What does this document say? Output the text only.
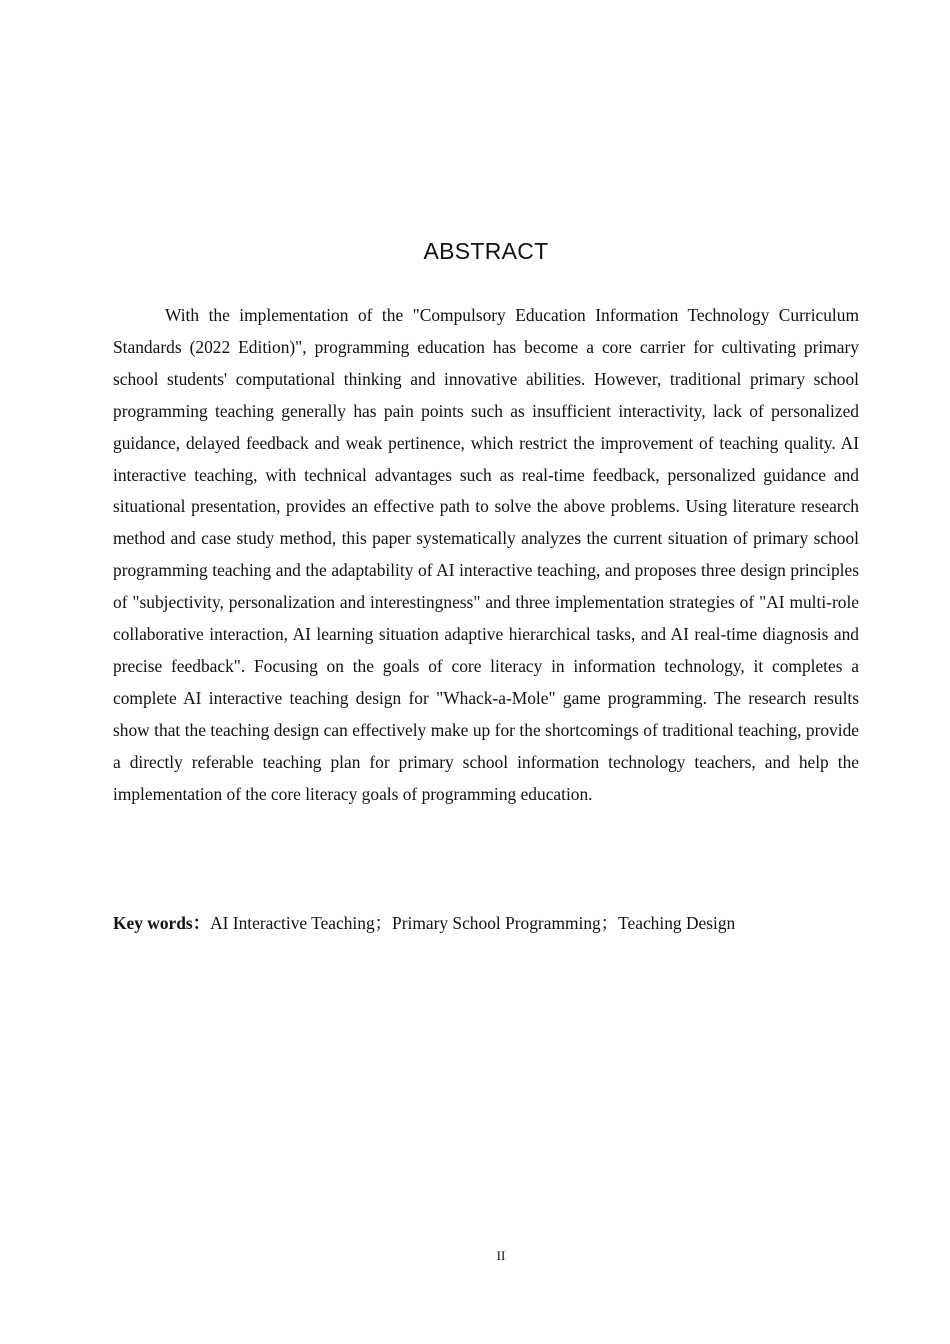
ABSTRACT

With the implementation of the "Compulsory Education Information Technology Curriculum Standards (2022 Edition)", programming education has become a core carrier for cultivating primary school students' computational thinking and innovative abilities. However, traditional primary school programming teaching generally has pain points such as insufficient interactivity, lack of personalized guidance, delayed feedback and weak pertinence, which restrict the improvement of teaching quality. AI interactive teaching, with technical advantages such as real-time feedback, personalized guidance and situational presentation, provides an effective path to solve the above problems. Using literature research method and case study method, this paper systematically analyzes the current situation of primary school programming teaching and the adaptability of AI interactive teaching, and proposes three design principles of "subjectivity, personalization and interestingness" and three implementation strategies of "AI multi-role collaborative interaction, AI learning situation adaptive hierarchical tasks, and AI real-time diagnosis and precise feedback". Focusing on the goals of core literacy in information technology, it completes a complete AI interactive teaching design for "Whack-a-Mole" game programming. The research results show that the teaching design can effectively make up for the shortcomings of traditional teaching, provide a directly referable teaching plan for primary school information technology teachers, and help the implementation of the core literacy goals of programming education.

Key words：AI Interactive Teaching；Primary School Programming；Teaching Design

II
